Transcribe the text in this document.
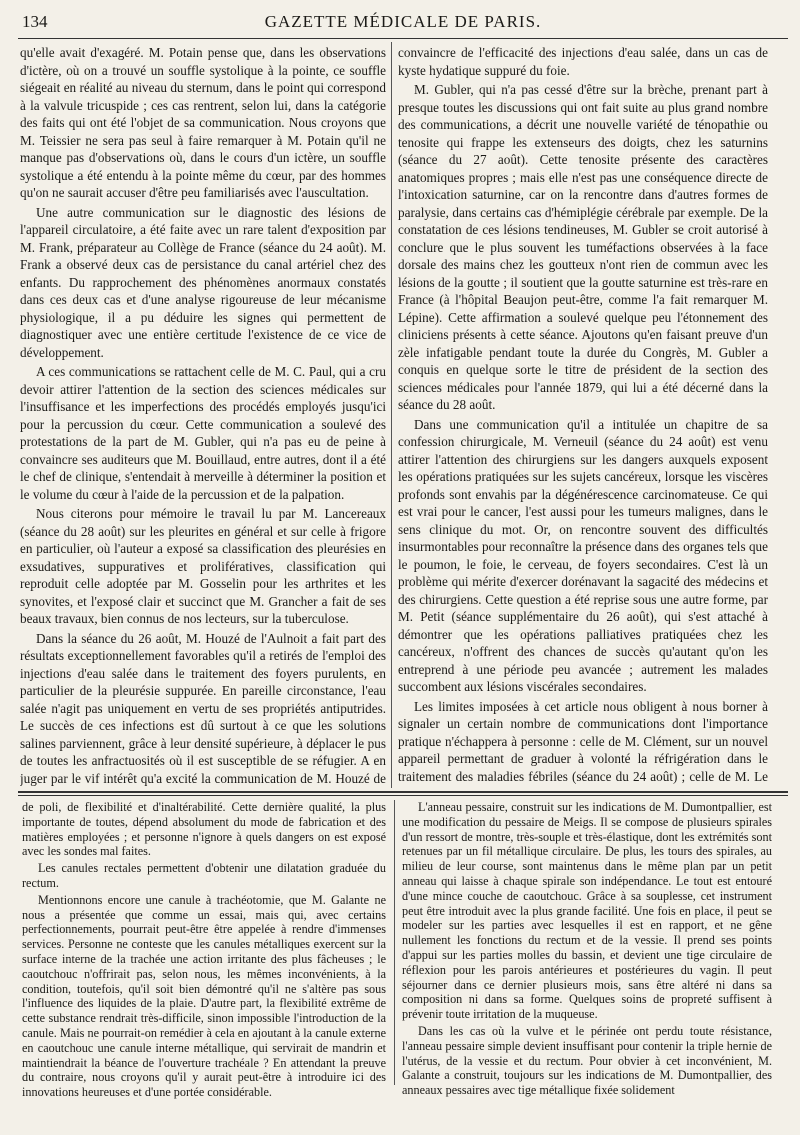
134	GAZETTE MÉDICALE DE PARIS.

qu'elle avait d'exagéré. M. Potain pense que, dans les observations d'ictère, où on a trouvé un souffle systolique à la pointe, ce souffle siégeait en réalité au niveau du sternum, dans le point qui correspond à la valvule tricuspide ; ces cas rentrent, selon lui, dans la catégorie des faits qui ont été l'objet de sa communication. Nous croyons que M. Teissier ne sera pas seul à faire remarquer à M. Potain qu'il ne manque pas d'observations où, dans le cours d'un ictère, un souffle systolique a été entendu à la pointe même du cœur, par des hommes qu'on ne saurait accuser d'être peu familiarisés avec l'auscultation.

Une autre communication sur le diagnostic des lésions de l'appareil circulatoire, a été faite avec un rare talent d'exposition par M. Frank, préparateur au Collège de France (séance du 24 août). M. Frank a observé deux cas de persistance du canal artériel chez des enfants. Du rapprochement des phénomènes anormaux constatés dans ces deux cas et d'une analyse rigoureuse de leur mécanisme physiologique, il a pu déduire les signes qui permettent de diagnostiquer avec une entière certitude l'existence de ce vice de développement.

A ces communications se rattachent celle de M. C. Paul, qui a cru devoir attirer l'attention de la section des sciences médicales sur l'insuffisance et les imperfections des procédés employés jusqu'ici pour la percussion du cœur. Cette communication a soulevé des protestations de la part de M. Gubler, qui n'a pas eu de peine à convaincre ses auditeurs que M. Bouillaud, entre autres, dont il a été le chef de clinique, s'entendait à merveille à déterminer la position et le volume du cœur à l'aide de la percussion et de la palpation.

Nous citerons pour mémoire le travail lu par M. Lancereaux (séance du 28 août) sur les pleurites en général et sur celle à frigore en particulier, où l'auteur a exposé sa classification des pleurésies en exsudatives, suppuratives et prolifératives, classification qui reproduit celle adoptée par M. Gosselin pour les arthrites et les synovites, et l'exposé clair et succinct que M. Grancher a fait de ses beaux travaux, bien connus de nos lecteurs, sur la tuberculose.

Dans la séance du 26 août, M. Houzé de l'Aulnoit a fait part des résultats exceptionnellement favorables qu'il a retirés de l'emploi des injections d'eau salée dans le traitement des foyers purulents, en particulier de la pleurésie suppurée. En pareille circonstance, l'eau salée n'agit pas uniquement en vertu de ses propriétés antiputrides. Le succès de ces infections est dû surtout à ce que les solutions salines parviennent, grâce à leur densité supérieure, à déplacer le pus de toutes les anfractuosités où il est susceptible de se réfugier. A en juger par le vif intérêt qu'a excité la communication de M. Houzé de

convaincre de l'efficacité des injections d'eau salée, dans un cas de kyste hydatique suppuré du foie.

M. Gubler, qui n'a pas cessé d'être sur la brèche, prenant part à presque toutes les discussions qui ont fait suite au plus grand nombre des communications, a décrit une nouvelle variété de ténopathie ou tenosite qui frappe les extenseurs des doigts, chez les saturnins (séance du 27 août). Cette tenosite présente des caractères anatomiques propres ; mais elle n'est pas une conséquence directe de l'intoxication saturnine, car on la rencontre dans d'autres formes de paralysie, dans certains cas d'hémiplégie cérébrale par exemple. De la constatation de ces lésions tendineuses, M. Gubler se croit autorisé à conclure que le plus souvent les tuméfactions observées à la face dorsale des mains chez les goutteux n'ont rien de commun avec les lésions de la goutte ; il soutient que la goutte saturnine est très-rare en France (à l'hôpital Beaujon peut-être, comme l'a fait remarquer M. Lépine). Cette affirmation a soulevé quelque peu l'étonnement des cliniciens présents à cette séance. Ajoutons qu'en faisant preuve d'un zèle infatigable pendant toute la durée du Congrès, M. Gubler a conquis en quelque sorte le titre de président de la section des sciences médicales pour l'année 1879, qui lui a été décerné dans la séance du 28 août.

Dans une communication qu'il a intitulée un chapitre de sa confession chirurgicale, M. Verneuil (séance du 24 août) est venu attirer l'attention des chirurgiens sur les dangers auxquels exposent les opérations pratiquées sur les sujets cancéreux, lorsque les viscères profonds sont envahis par la dégénérescence carcinomateuse. Ce qui est vrai pour le cancer, l'est aussi pour les tumeurs malignes, dans le sens clinique du mot. Or, on rencontre souvent des difficultés insurmontables pour reconnaître la présence dans des organes tels que le poumon, le foie, le cerveau, de foyers secondaires. C'est là un problème qui mérite d'exercer dorénavant la sagacité des médecins et des chirurgiens. Cette question a été reprise sous une autre forme, par M. Petit (séance supplémentaire du 26 août), qui s'est attaché à démontrer que les opérations palliatives pratiquées chez les cancéreux, n'offrent des chances de succès qu'autant qu'on les entreprend à une période peu avancée ; autrement les malades succombent aux lésions viscérales secondaires.

Les limites imposées à cet article nous obligent à nous borner à signaler un certain nombre de communications dont l'importance pratique n'échappera à personne : celle de M. Clément, sur un nouvel appareil permettant de graduer à volonté la réfrigération dans le traitement des maladies fébriles (séance du 24 août) ; celle de M. Le

de poli, de flexibilité et d'inaltérabilité. Cette dernière qualité, la plus importante de toutes, dépend absolument du mode de fabrication et des matières employées ; et personne n'ignore à quels dangers on est exposé avec les sondes mal faites.

Les canules rectales permettent d'obtenir une dilatation graduée du rectum.

Mentionnons encore une canule à trachéotomie, que M. Galante ne nous a présentée que comme un essai, mais qui, avec certains perfectionnements, pourrait peut-être être appelée à rendre d'immenses services. Personne ne conteste que les canules métalliques exercent sur la surface interne de la trachée une action irritante des plus fâcheuses ; le caoutchouc n'offrirait pas, selon nous, les mêmes inconvénients, à la condition, toutefois, qu'il soit bien démontré qu'il ne s'altère pas sous l'influence des liquides de la plaie. D'autre part, la flexibilité extrême de cette substance rendrait très-difficile, sinon impossible l'introduction de la canule. Mais ne pourrait-on remédier à cela en ajoutant à la canule externe en caoutchouc une canule interne métallique, qui servirait de mandrin et maintiendrait la béance de l'ouverture trachéale ? En attendant la preuve du contraire, nous croyons qu'il y aurait peut-être à introduire ici des innovations heureuses et d'une portée considérable.

L'anneau pessaire, construit sur les indications de M. Dumontpallier, est une modification du pessaire de Meigs. Il se compose de plusieurs spirales d'un ressort de montre, très-souple et très-élastique, dont les extrémités sont retenues par un fil métallique circulaire. De plus, les tours des spirales, au milieu de leur course, sont maintenus dans le même plan par un petit anneau qui laisse à chaque spirale son indépendance. Le tout est entouré d'une mince couche de caoutchouc. Grâce à sa souplesse, cet instrument peut être introduit avec la plus grande facilité. Une fois en place, il peut se modeler sur les parties avec lesquelles il est en rapport, et ne gêne nullement les fonctions du rectum et de la vessie. Il prend ses points d'appui sur les parties molles du bassin, et devient une tige circulaire de réflexion pour les parois antérieures et postérieures du vagin. Il peut séjourner dans ce dernier plusieurs mois, sans être altéré ni dans sa composition ni dans sa forme. Quelques soins de propreté suffisent à prévenir toute irritation de la muqueuse.

Dans les cas où la vulve et le périnée ont perdu toute résistance, l'anneau pessaire simple devient insuffisant pour contenir la triple hernie de l'utérus, de la vessie et du rectum. Pour obvier à cet inconvénient, M. Galante a construit, toujours sur les indications de M. Dumontpallier, des anneaux pessaires avec tige métallique fixée solidement
